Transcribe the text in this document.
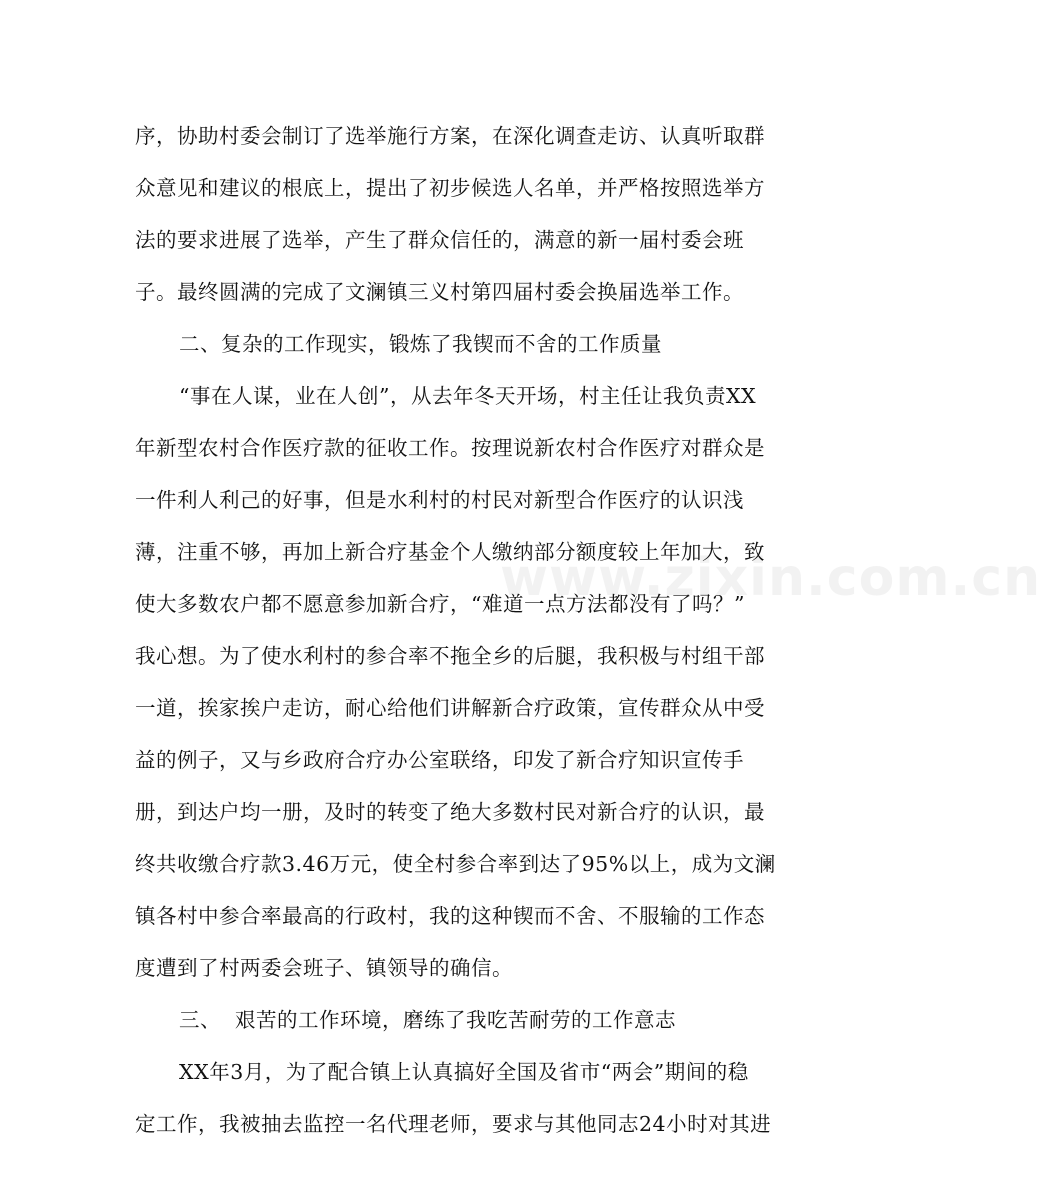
www.zixin.com.cn
序，协助村委会制订了选举施行方案，在深化调查走访、认真听取群
众意见和建议的根底上，提出了初步候选人名单，并严格按照选举方
法的要求进展了选举，产生了群众信任的，满意的新一届村委会班
子。最终圆满的完成了文澜镇三义村第四届村委会换届选举工作。
二、复杂的工作现实，锻炼了我锲而不舍的工作质量
“事在人谋，业在人创”，从去年冬天开场，村主任让我负责XX
年新型农村合作医疗款的征收工作。按理说新农村合作医疗对群众是
一件利人利己的好事，但是水利村的村民对新型合作医疗的认识浅
薄，注重不够，再加上新合疗基金个人缴纳部分额度较上年加大，致
使大多数农户都不愿意参加新合疗，“难道一点方法都没有了吗？”
我心想。为了使水利村的参合率不拖全乡的后腿，我积极与村组干部
一道，挨家挨户走访，耐心给他们讲解新合疗政策，宣传群众从中受
益的例子，又与乡政府合疗办公室联络，印发了新合疗知识宣传手
册，到达户均一册，及时的转变了绝大多数村民对新合疗的认识，最
终共收缴合疗款3.46万元，使全村参合率到达了95%以上，成为文澜
镇各村中参合率最高的行政村，我的这种锲而不舍、不服输的工作态
度遭到了村两委会班子、镇领导的确信。
三、  艰苦的工作环境，磨练了我吃苦耐劳的工作意志
XX年3月，为了配合镇上认真搞好全国及省市“两会”期间的稳
定工作，我被抽去监控一名代理老师，要求与其他同志24小时对其进
